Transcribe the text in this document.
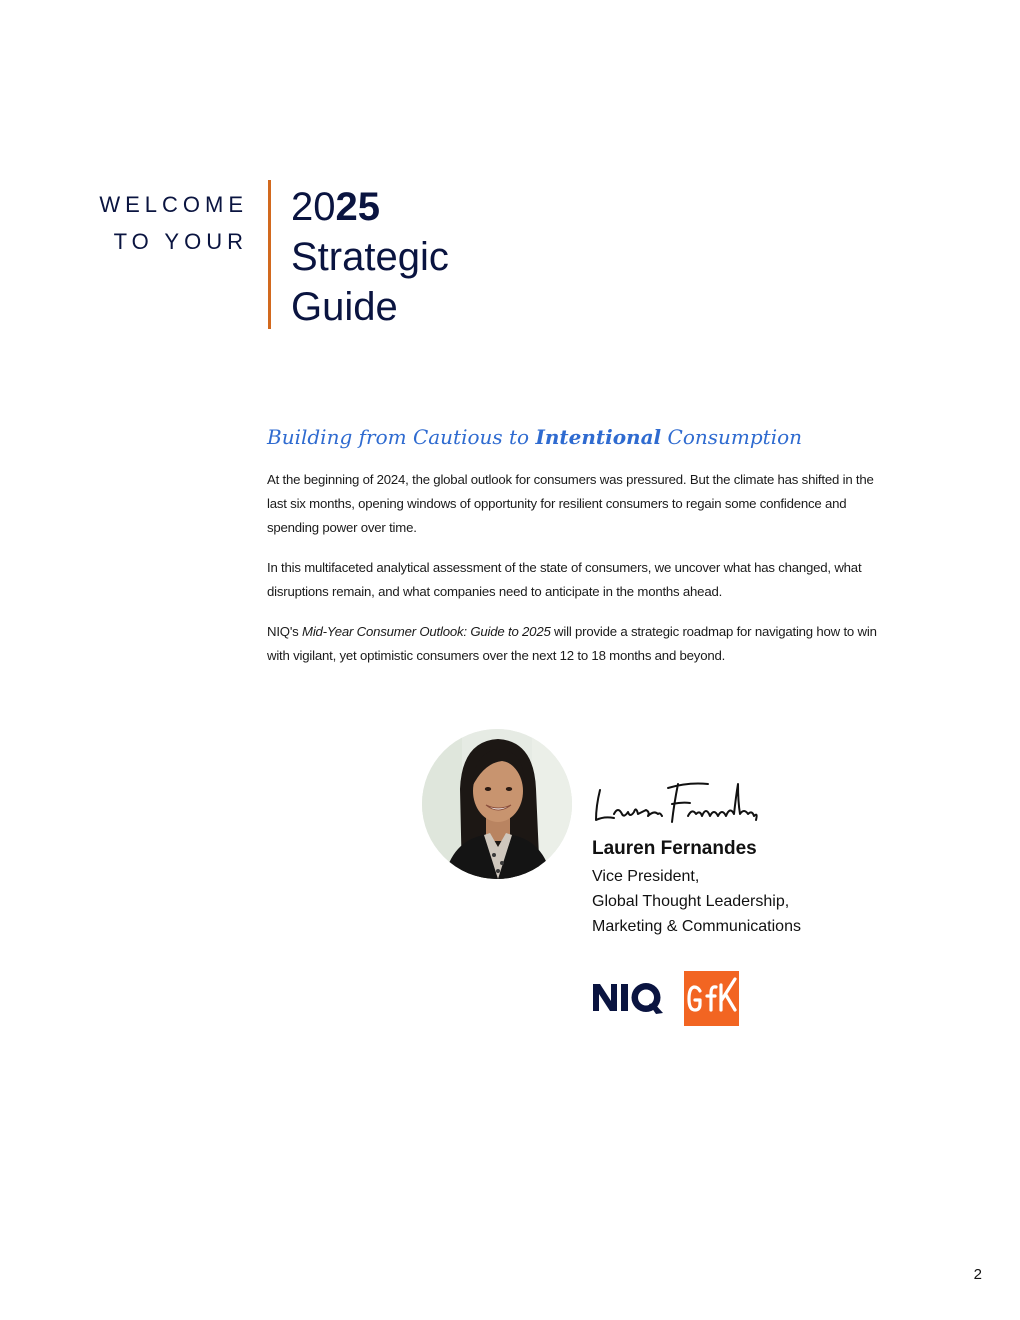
WELCOME
TO YOUR
2025
Strategic
Guide
Building from Cautious to Intentional Consumption

At the beginning of 2024, the global outlook for consumers was pressured. But the climate has shifted in the last six months, opening windows of opportunity for resilient consumers to regain some confidence and spending power over time.

In this multifaceted analytical assessment of the state of consumers, we uncover what has changed, what disruptions remain, and what companies need to anticipate in the months ahead.

NIQ's Mid-Year Consumer Outlook: Guide to 2025 will provide a strategic roadmap for navigating how to win with vigilant, yet optimistic consumers over the next 12 to 18 months and beyond.

Lauren Fernandes
Vice President,
Global Thought Leadership,
Marketing & Communications
2
